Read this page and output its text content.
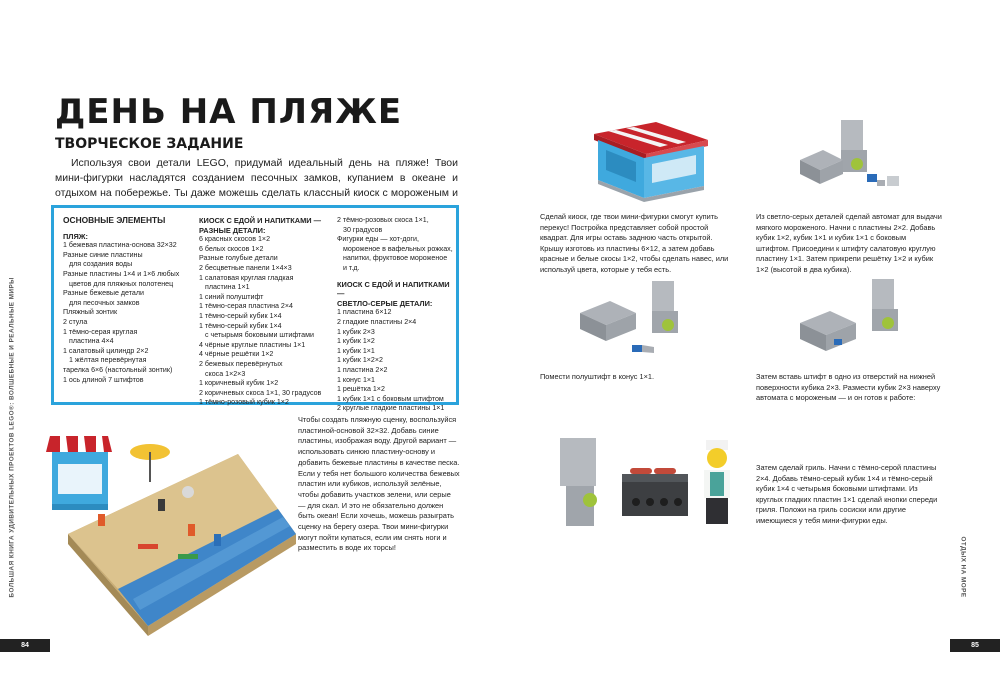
БОЛЬШАЯ КНИГА УДИВИТЕЛЬНЫХ ПРОЕКТОВ LEGO®: ВОЛШЕБНЫЕ И РЕАЛЬНЫЕ МИРЫ
ДЕНЬ НА ПЛЯЖЕ
ТВОРЧЕСКОЕ ЗАДАНИЕ
Используя свои детали LEGO, придумай идеальный день на пляже! Твои мини-фигурки насладятся созданием песочных замков, купанием в океане и отдыхом на побережье. Ты даже можешь сделать классный киоск с мороженым и

ОСНОВНЫЕ ЭЛЕМЕНТЫ

ПЛЯЖ:

1 бежевая пластина-основа 32×32

Разные синие пластины

для создания воды

Разные пластины 1×4 и 1×6 любых

цветов для пляжных полотенец

Разные бежевые детали

для песочных замков

Пляжный зонтик

2 стула

1 тёмно-серая круглая

пластина 4×4

1 салатовый цилиндр 2×2

1 жёлтая перевёрнутая

тарелка 6×6 (настольный зонтик)

1 ось длиной 7 штифтов

КИОСК С ЕДОЙ И НАПИТКАМИ —

РАЗНЫЕ ДЕТАЛИ:

6 красных скосов 1×2

6 белых скосов 1×2

Разные голубые детали

2 бесцветные панели 1×4×3

1 салатовая круглая гладкая

пластина 1×1

1 синий полуштифт

1 тёмно-серая пластина 2×4

1 тёмно-серый кубик 1×4

1 тёмно-серый кубик 1×4

с четырьмя боковыми штифтами

4 чёрные круглые пластины 1×1

4 чёрные решётки 1×2

2 бежевых перевёрнутых

скоса 1×2×3

1 коричневый кубик 1×2

2 коричневых скоса 1×1, 30 градусов

1 тёмно-розовый кубик 1×2

2 тёмно-розовых скоса 1×1,

30 градусов

Фигурки еды — хот-доги,

мороженое в вафельных рожках,

напитки, фруктовое мороженое

и т.д.

КИОСК С ЕДОЙ И НАПИТКАМИ —

СВЕТЛО-СЕРЫЕ ДЕТАЛИ:

1 пластина 6×12

2 гладкие пластины 2×4

1 кубик 2×3

1 кубик 1×2

1 кубик 1×1

1 кубик 1×2×2

1 пластина 2×2

1 конус 1×1

1 решётка 1×2

1 кубик 1×1 с боковым штифтом

2 круглые гладкие пластины 1×1

Чтобы создать пляжную сценку, воспользуйся пластиной-основой 32×32. Добавь синие пластины, изображая воду. Другой вариант — использовать синюю пластину-основу и добавить бежевые пластины в качестве песка. Если у тебя нет большого количества бежевых пластин или кубиков, используй зелёные, чтобы добавить участков зелени, или серые — для скал. И это не обязательно должен быть океан! Если хочешь, можешь разыграть сценку на берегу озера. Твои мини-фигурки могут пойти купаться, если им снять ноги и разместить в воде их торсы!

84
Сделай киоск, где твои мини-фигурки смогут купить перекус! Постройка представляет собой простой квадрат. Для игры оставь заднюю часть открытой. Крышу изготовь из пластины 6×12, а затем добавь красные и белые скосы 1×2, чтобы сделать навес, или используй цвета, которые у тебя есть.
Из светло-серых деталей сделай автомат для выдачи мягкого мороженого. Начни с пластины 2×2. Добавь кубик 1×2, кубик 1×1 и кубик 1×1 с боковым штифтом. Присоедини к штифту салатовую круглую пластину 1×1. Затем прикрепи решётку 1×2 и кубик 1×2 (высотой в два кубика).
Помести полуштифт в конус 1×1.	Затем вставь штифт в одно из отверстий на нижней поверхности кубика 2×3. Размести кубик 2×3 наверху автомата с мороженым — и он готов к работе:
Затем сделай гриль. Начни с тёмно-серой пластины 2×4. Добавь тёмно-серый кубик 1×4 и тёмно-серый кубик 1×4 с четырьмя боковыми штифтами. Из круглых гладких пластин 1×1 сделай кнопки спереди гриля. Положи на гриль сосиски или другие имеющиеся у тебя мини-фигурки еды.
ОТДЫХ НА МОРЕ
85
